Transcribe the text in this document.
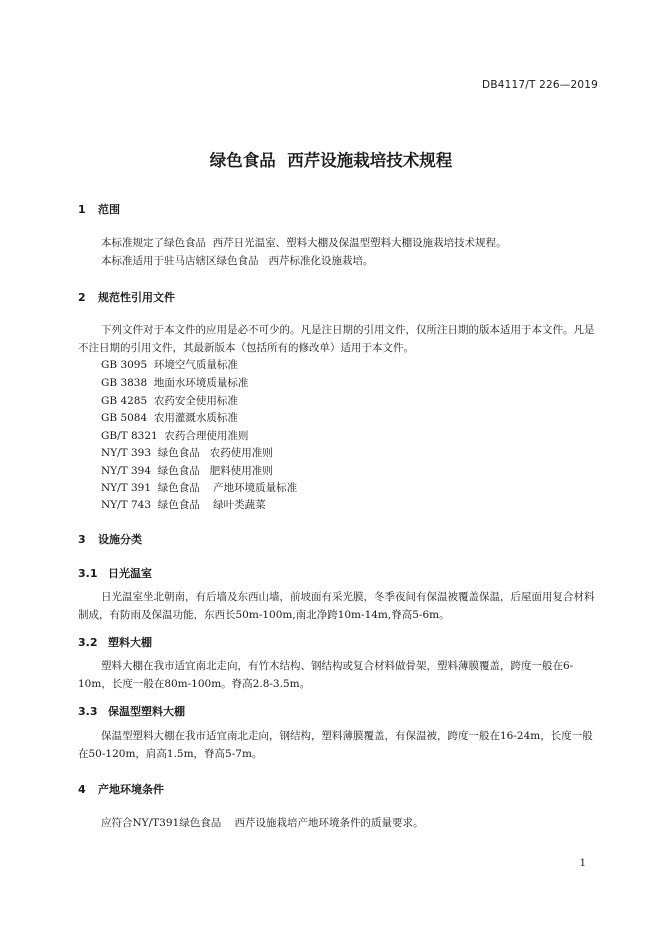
DB4117/T 226—2019
绿色食品  西芹设施栽培技术规程
1 范围
本标准规定了绿色食品  西芹日光温室、塑料大棚及保温型塑料大棚设施栽培技术规程。
本标准适用于驻马店辖区绿色食品   西芹标准化设施栽培。
2 规范性引用文件
下列文件对于本文件的应用是必不可少的。凡是注日期的引用文件，仅所注日期的版本适用于本文件。凡是不注日期的引用文件，其最新版本（包括所有的修改单）适用于本文件。
GB 3095  环境空气质量标准
GB 3838  地面水环境质量标准
GB 4285  农药安全使用标准
GB 5084  农用灌溉水质标准
GB/T 8321  农药合理使用准则
NY/T 393  绿色食品   农药使用准则
NY/T 394  绿色食品   肥料使用准则
NY/T 391  绿色食品    产地环境质量标准
NY/T 743  绿色食品    绿叶类蔬菜
3 设施分类
3.1 日光温室
日光温室坐北朝南，有后墙及东西山墙，前坡面有采光膜，冬季夜间有保温被覆盖保温，后屋面用复合材料制成，有防雨及保温功能，东西长50m-100m,南北净跨10m-14m,脊高5-6m。
3.2 塑料大棚
塑料大棚在我市适宜南北走向，有竹木结构、钢结构或复合材料做骨架，塑料薄膜覆盖，跨度一般在6-10m，长度一般在80m-100m。脊高2.8-3.5m。
3.3 保温型塑料大棚
保温型塑料大棚在我市适宜南北走向，钢结构，塑料薄膜覆盖，有保温被，跨度一般在16-24m，长度一般在50-120m，肩高1.5m，脊高5-7m。
4 产地环境条件
应符合NY/T391绿色食品    西芹设施栽培产地环境条件的质量要求。
1
